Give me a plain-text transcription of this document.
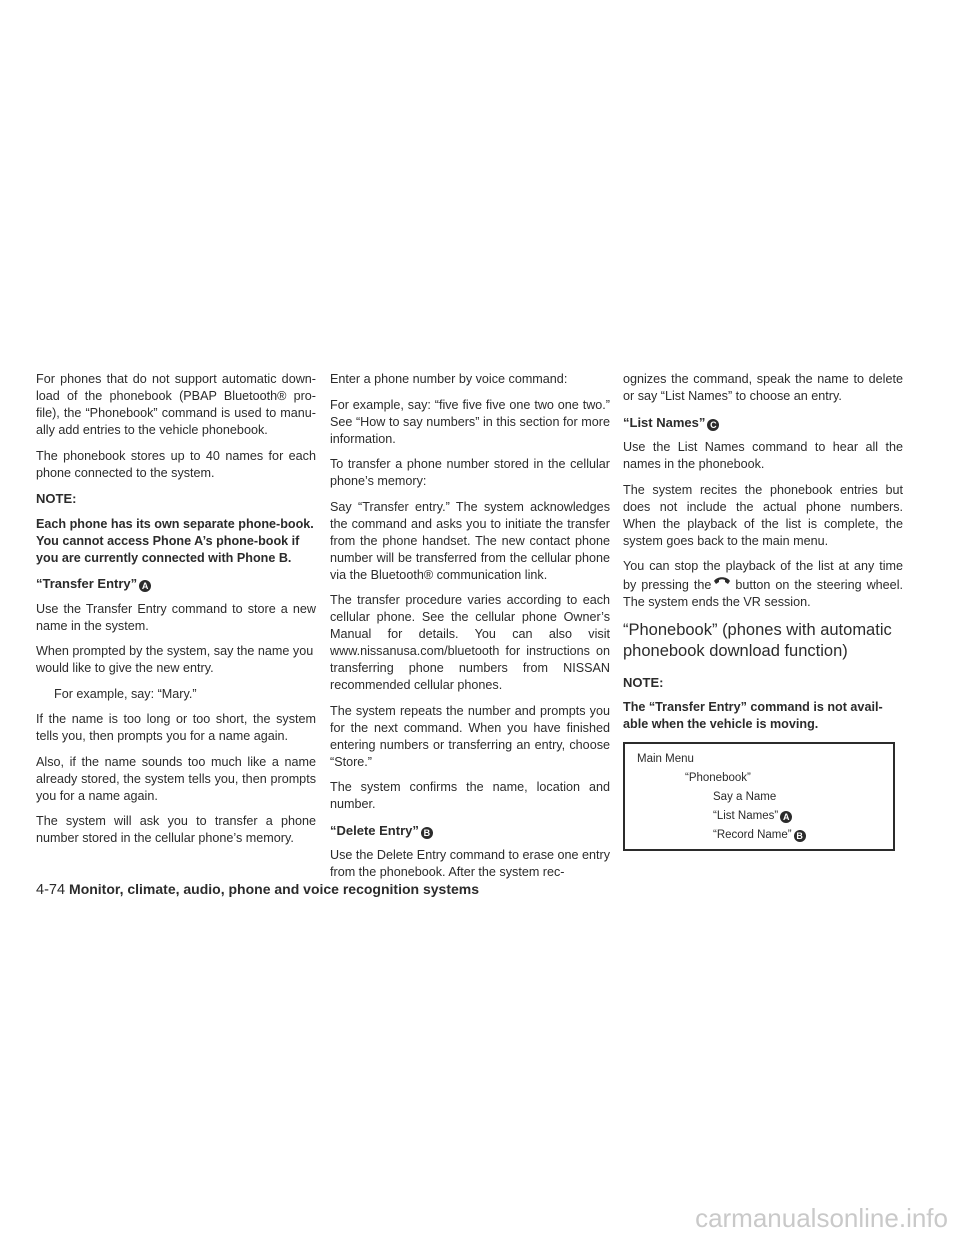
For phones that do not support automatic down-load of the phonebook (PBAP Bluetooth® pro-file), the “Phonebook” command is used to manu-ally add entries to the vehicle phonebook.

The phonebook stores up to 40 names for each phone connected to the system.

NOTE:

Each phone has its own separate phone-book. You cannot access Phone A’s phone-book if you are currently connected with Phone B.

“Transfer Entry” A

Use the Transfer Entry command to store a new name in the system.

When prompted by the system, say the name you would like to give the new entry.

For example, say: “Mary.”

If the name is too long or too short, the system tells you, then prompts you for a name again.

Also, if the name sounds too much like a name already stored, the system tells you, then prompts you for a name again.

The system will ask you to transfer a phone number stored in the cellular phone’s memory.

Enter a phone number by voice command:

For example, say: “five five five one two one two.” See “How to say numbers” in this section for more information.

To transfer a phone number stored in the cellular phone’s memory:

Say “Transfer entry.” The system acknowledges the command and asks you to initiate the transfer from the phone handset. The new contact phone number will be transferred from the cellular phone via the Bluetooth® communication link.

The transfer procedure varies according to each cellular phone. See the cellular phone Owner’s Manual for details. You can also visit www.nissanusa.com/bluetooth for instructions on transferring phone numbers from NISSAN recommended cellular phones.

The system repeats the number and prompts you for the next command. When you have finished entering numbers or transferring an entry, choose “Store.”

The system confirms the name, location and number.

“Delete Entry” B

Use the Delete Entry command to erase one entry from the phonebook. After the system rec-

ognizes the command, speak the name to delete or say “List Names” to choose an entry.

“List Names” C

Use the List Names command to hear all the names in the phonebook.

The system recites the phonebook entries but does not include the actual phone numbers. When the playback of the list is complete, the system goes back to the main menu.

You can stop the playback of the list at any time by pressing the button on the steering wheel. The system ends the VR session.

“Phonebook” (phones with automatic phonebook download function)
NOTE:

The “Transfer Entry” command is not avail-able when the vehicle is moving.

Main Menu
“Phonebook”
Say a Name
“List Names” A
“Record Name” B
4-74 Monitor, climate, audio, phone and voice recognition systems
carmanualsonline.info
